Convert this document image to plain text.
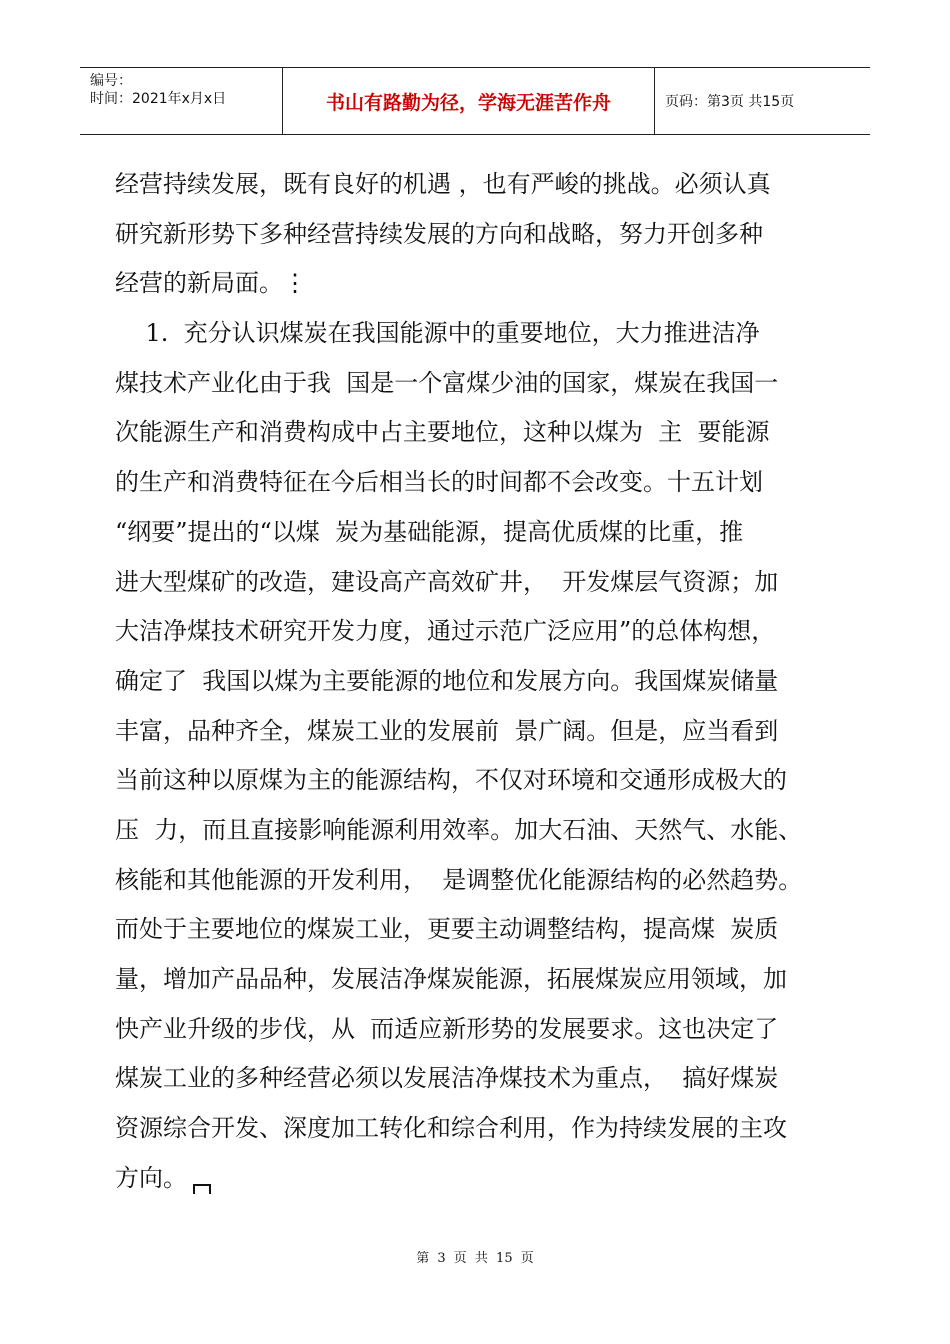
编号：
时间：2021年x月x日	书山有路勤为径，学海无涯苦作舟	页码：第3页 共15页
经营持续发展，既有良好的机遇 ，也有严峻的挑战。必须认真
研究新形势下多种经营持续发展的方向和战略，努力开创多种
经营的新局面。⋮
1.  充分认识煤炭在我国能源中的重要地位，大力推进洁净
煤技术产业化由于我  国是一个富煤少油的国家，煤炭在我国一
次能源生产和消费构成中占主要地位，这种以煤为  主  要能源
的生产和消费特征在今后相当长的时间都不会改变。十五计划
“纲要”提出的“以煤  炭为基础能源，提高优质煤的比重，推
进大型煤矿的改造，建设高产高效矿井，  开发煤层气资源；加
大洁净煤技术研究开发力度，通过示范广泛应用”的总体构想，
确定了  我国以煤为主要能源的地位和发展方向。我国煤炭储量
丰富，品种齐全，煤炭工业的发展前  景广阔。但是，应当看到
当前这种以原煤为主的能源结构，不仅对环境和交通形成极大的
压  力，而且直接影响能源利用效率。加大石油、天然气、水能、
核能和其他能源的开发利用，  是调整优化能源结构的必然趋势。
而处于主要地位的煤炭工业，更要主动调整结构，提高煤  炭质
量，增加产品品种，发展洁净煤炭能源，拓展煤炭应用领域，加
快产业升级的步伐，从  而适应新形势的发展要求。这也决定了
煤炭工业的多种经营必须以发展洁净煤技术为重点，  搞好煤炭
资源综合开发、深度加工转化和综合利用，作为持续发展的主攻
方向。
第 3 页 共 15 页
